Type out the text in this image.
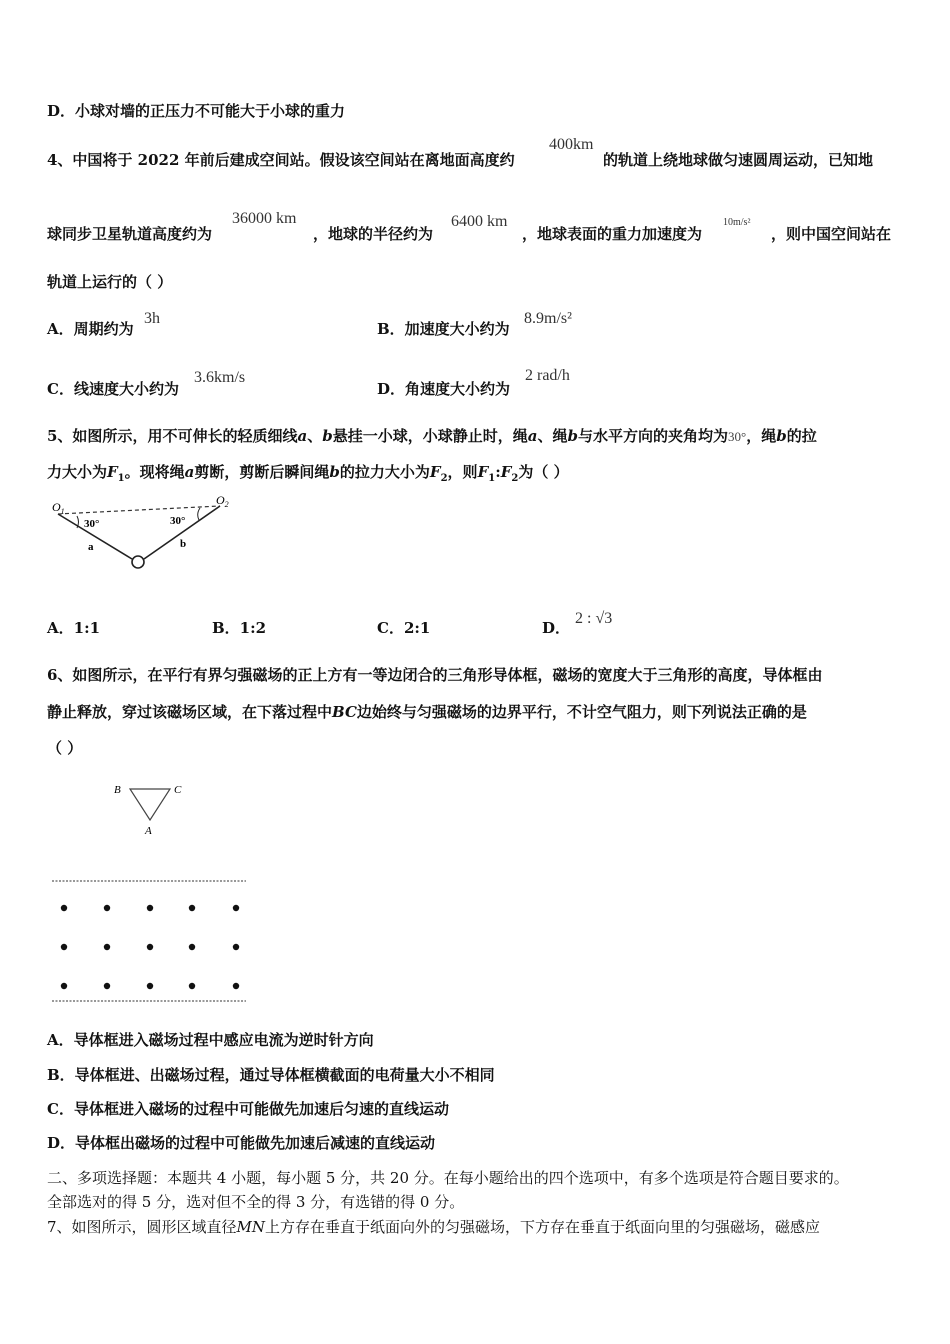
D．小球对墙的正压力不可能大于小球的重力
4、中国将于 2022 年前后建成空间站。假设该空间站在离地面高度约
400km
的轨道上绕地球做匀速圆周运动，已知地
球同步卫星轨道高度约为
36000 km
，地球的半径约为
6400 km
，地球表面的重力加速度为
10m/s²
，则中国空间站在
轨道上运行的（ ）
A．周期约为
3h
B．加速度大小约为
8.9m/s²
C．线速度大小约为
3.6km/s
D．角速度大小约为
2 rad/h
5、如图所示，用不可伸长的轻质细线a、b悬挂一小球，小球静止时，绳a、绳b与水平方向的夹角均为30°，绳b的拉
力大小为$F_1$。现将绳a剪断，剪断后瞬间绳b的拉力大小为$F_2$，则$F_1:F_2$为（ ）
$O_1$
$O_2$
30°	30°
a	b
A．1:1	B．1:2	C．2:1	D．
2 : √3
6、如图所示，在平行有界匀强磁场的正上方有一等边闭合的三角形导体框，磁场的宽度大于三角形的高度，导体框由
静止释放，穿过该磁场区域，在下落过程中BC边始终与匀强磁场的边界平行，不计空气阻力，则下列说法正确的是
（ ）
B	C
A
A．导体框进入磁场过程中感应电流为逆时针方向
B．导体框进、出磁场过程，通过导体框横截面的电荷量大小不相同
C．导体框进入磁场的过程中可能做先加速后匀速的直线运动
D．导体框出磁场的过程中可能做先加速后减速的直线运动
二、多项选择题：本题共 4 小题，每小题 5 分，共 20 分。在每小题给出的四个选项中，有多个选项是符合题目要求的。
全部选对的得 5 分，选对但不全的得 3 分，有选错的得 0 分。
7、如图所示，圆形区域直径MN上方存在垂直于纸面向外的匀强磁场，下方存在垂直于纸面向里的匀强磁场，磁感应
